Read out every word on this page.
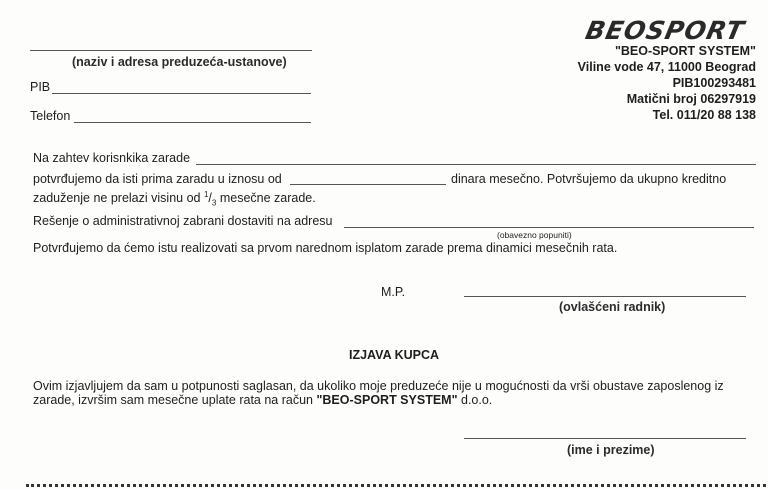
(naziv i adresa preduzeća-ustanove)
PIB
Telefon
BEOSPORT
"BEO-SPORT SYSTEM"
Viline vode 47, 11000 Beograd
PIB100293481
Matični broj 06297919
Tel. 011/20 88 138
Na zahtev korisnkika zarade
potvrđujemo da isti prima zaradu u iznosu od	dinara mesečno. Potvršujemo da ukupno kreditno
zaduženje ne prelazi visinu od $^1/_3$ mesečne zarade.
Rešenje o administrativnoj zabrani dostaviti na adresu
(obavezno popuniti)
Potvrđujemo da ćemo istu realizovati sa prvom narednom isplatom zarade prema dinamici mesečnih rata.
M.P.
(ovlašćeni radnik)
IZJAVA KUPCA
Ovim izjavljujem da sam u potpunosti saglasan, da ukoliko moje preduzeće nije u mogućnosti da vrši obustave zaposlenog iz
zarade, izvršim sam mesečne uplate rata na račun "BEO-SPORT SYSTEM" d.o.o.
(ime i prezime)
